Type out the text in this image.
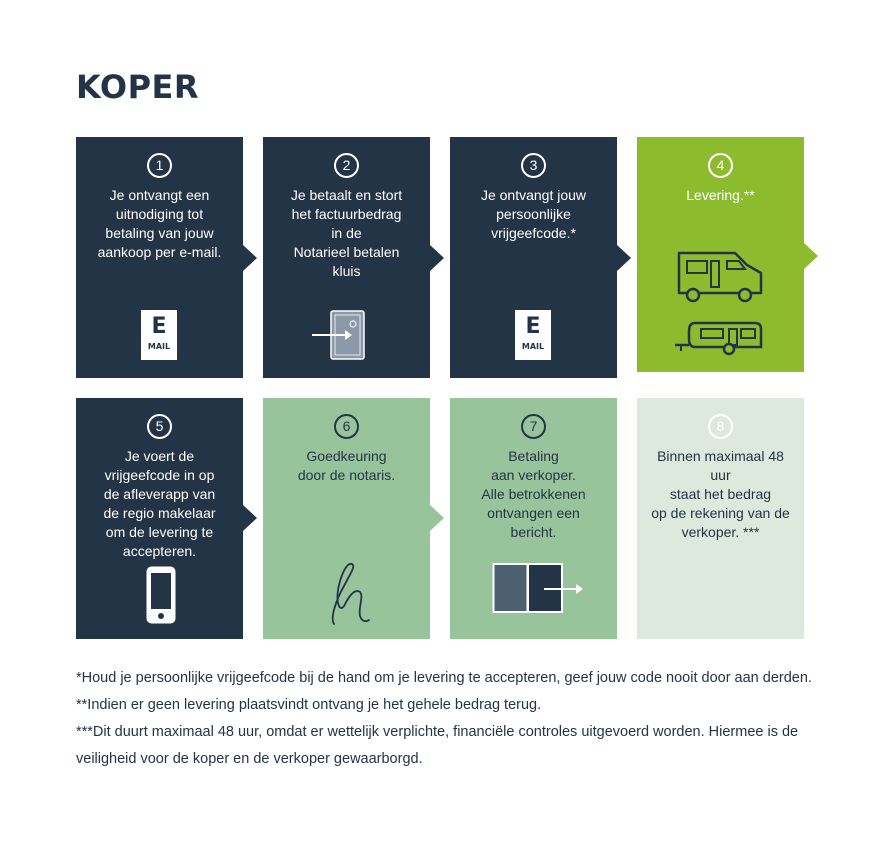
KOPER
1
Je ontvangt een
uitnodiging tot
betaling van jouw
aankoop per e-mail.
E
MAIL
2
Je betaalt en stort
het factuurbedrag
in de
Notarieel betalen
kluis
3
Je ontvangt jouw
persoonlijke
vrijgeefcode.*
E
MAIL
4
Levering.**
5
Je voert de
vrijgeefcode in op
de afleverapp van
de regio makelaar
om de levering te
accepteren.
6
Goedkeuring
door de notaris.
7
Betaling
aan verkoper.
Alle betrokkenen
ontvangen een
bericht.
8
Binnen maximaal 48 uur
staat het bedrag
op de rekening van de
verkoper. ***
*Houd je persoonlijke vrijgeefcode bij de hand om je levering te accepteren, geef jouw code nooit door aan derden.
**Indien er geen levering plaatsvindt ontvang je het gehele bedrag terug.
***Dit duurt maximaal 48 uur, omdat er wettelijk verplichte, financiële controles uitgevoerd worden. Hiermee is de
veiligheid voor de koper en de verkoper gewaarborgd.
